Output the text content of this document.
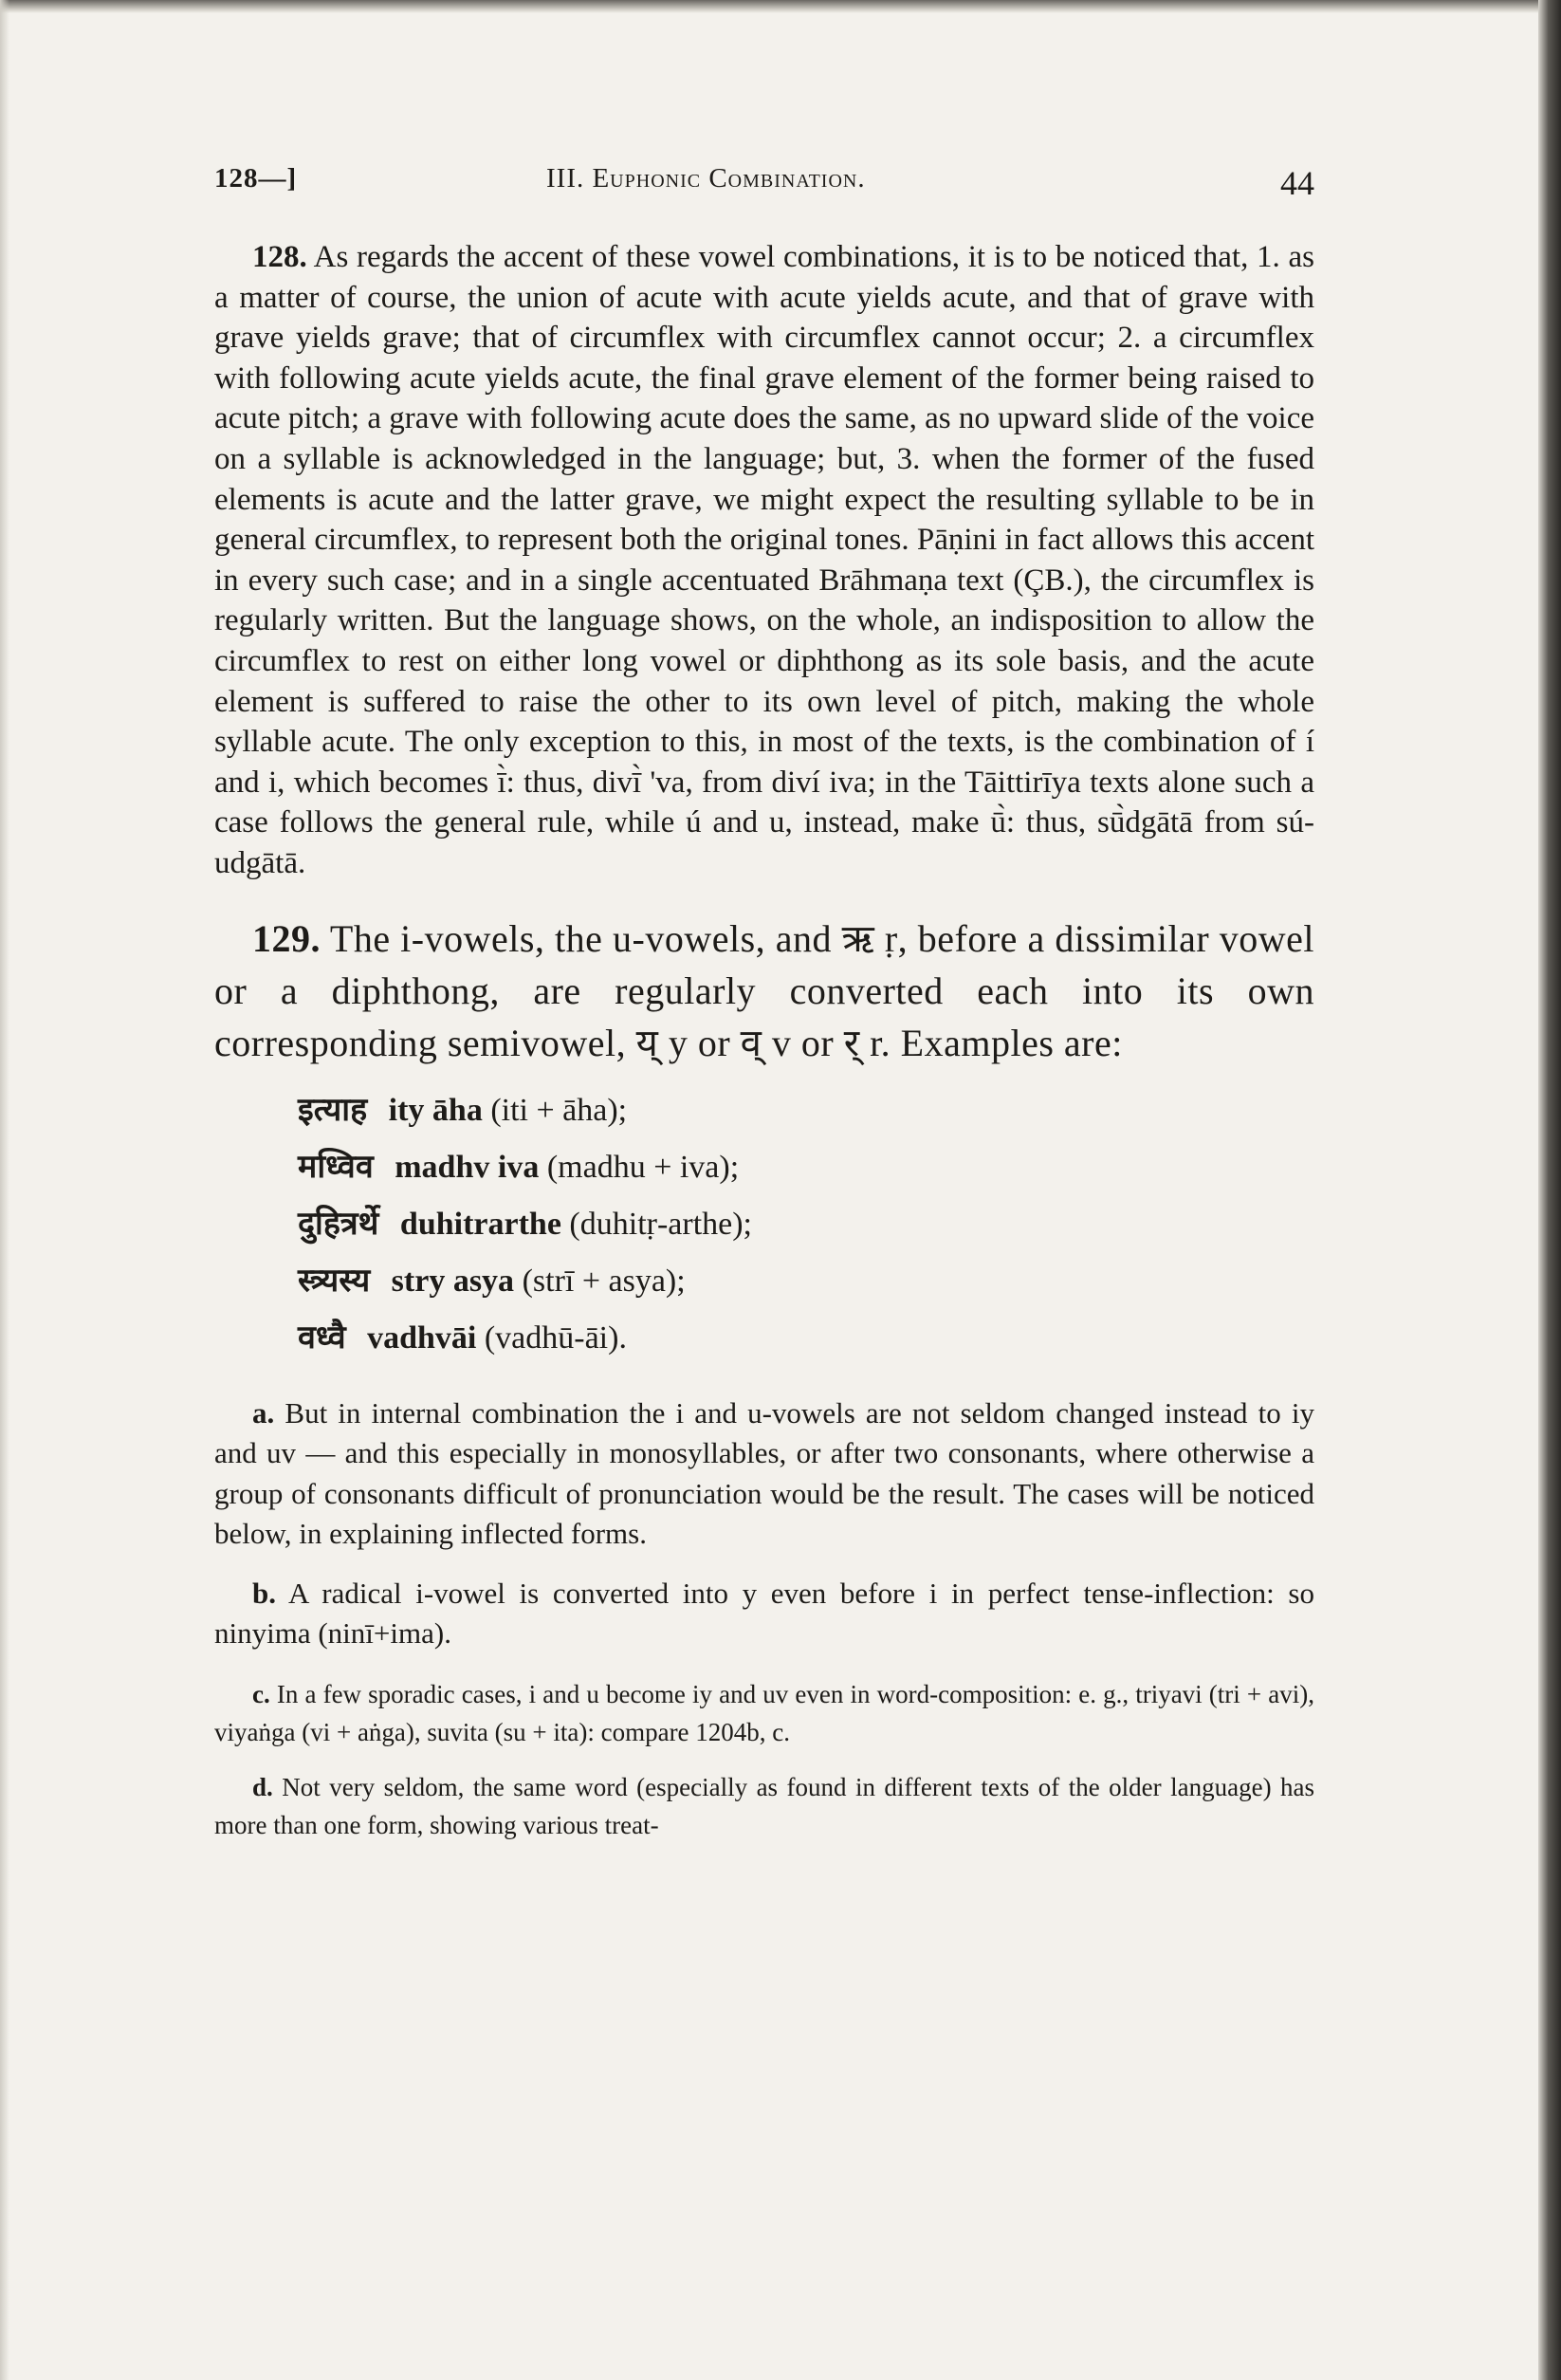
128—]	III. Euphonic Combination.	44

128. As regards the accent of these vowel combinations, it is to be noticed that, 1. as a matter of course, the union of acute with acute yields acute, and that of grave with grave yields grave; that of circumflex with circumflex cannot occur; 2. a circumflex with following acute yields acute, the final grave element of the former being raised to acute pitch; a grave with following acute does the same, as no upward slide of the voice on a syllable is acknowledged in the language; but, 3. when the former of the fused elements is acute and the latter grave, we might expect the resulting syllable to be in general circumflex, to represent both the original tones. Pāṇini in fact allows this accent in every such case; and in a single accentuated Brāhmaṇa text (ÇB.), the circumflex is regularly written. But the language shows, on the whole, an indisposition to allow the circumflex to rest on either long vowel or diphthong as its sole basis, and the acute element is suffered to raise the other to its own level of pitch, making the whole syllable acute. The only exception to this, in most of the texts, is the combination of í and i, which becomes ī̀: thus, divī̀ 'va, from diví iva; in the Tāittirīya texts alone such a case follows the general rule, while ú and u, instead, make ū̀: thus, sū̀dgātā from sú-udgātā.

129. The i-vowels, the u-vowels, and ऋ ṛ, before a dissimilar vowel or a diphthong, are regularly converted each into its own corresponding semivowel, य् y or व् v or र् r. Examples are:

इत्याह ity āha (iti + āha);
मध्विव madhv iva (madhu + iva);
दुहित्रर्थे duhitrarthe (duhitṛ-arthe);
स्त्र्यस्य stry asya (strī + asya);
वध्वै vadhvāi (vadhū-āi).

a. But in internal combination the i and u-vowels are not seldom changed instead to iy and uv — and this especially in monosyllables, or after two consonants, where otherwise a group of consonants difficult of pronunciation would be the result. The cases will be noticed below, in explaining inflected forms.

b. A radical i-vowel is converted into y even before i in perfect tense-inflection: so ninyima (ninī+ima).

c. In a few sporadic cases, i and u become iy and uv even in word-composition: e. g., triyavi (tri + avi), viyaṅga (vi + aṅga), suvita (su + ita): compare 1204b, c.

d. Not very seldom, the same word (especially as found in different texts of the older language) has more than one form, showing various treat-
